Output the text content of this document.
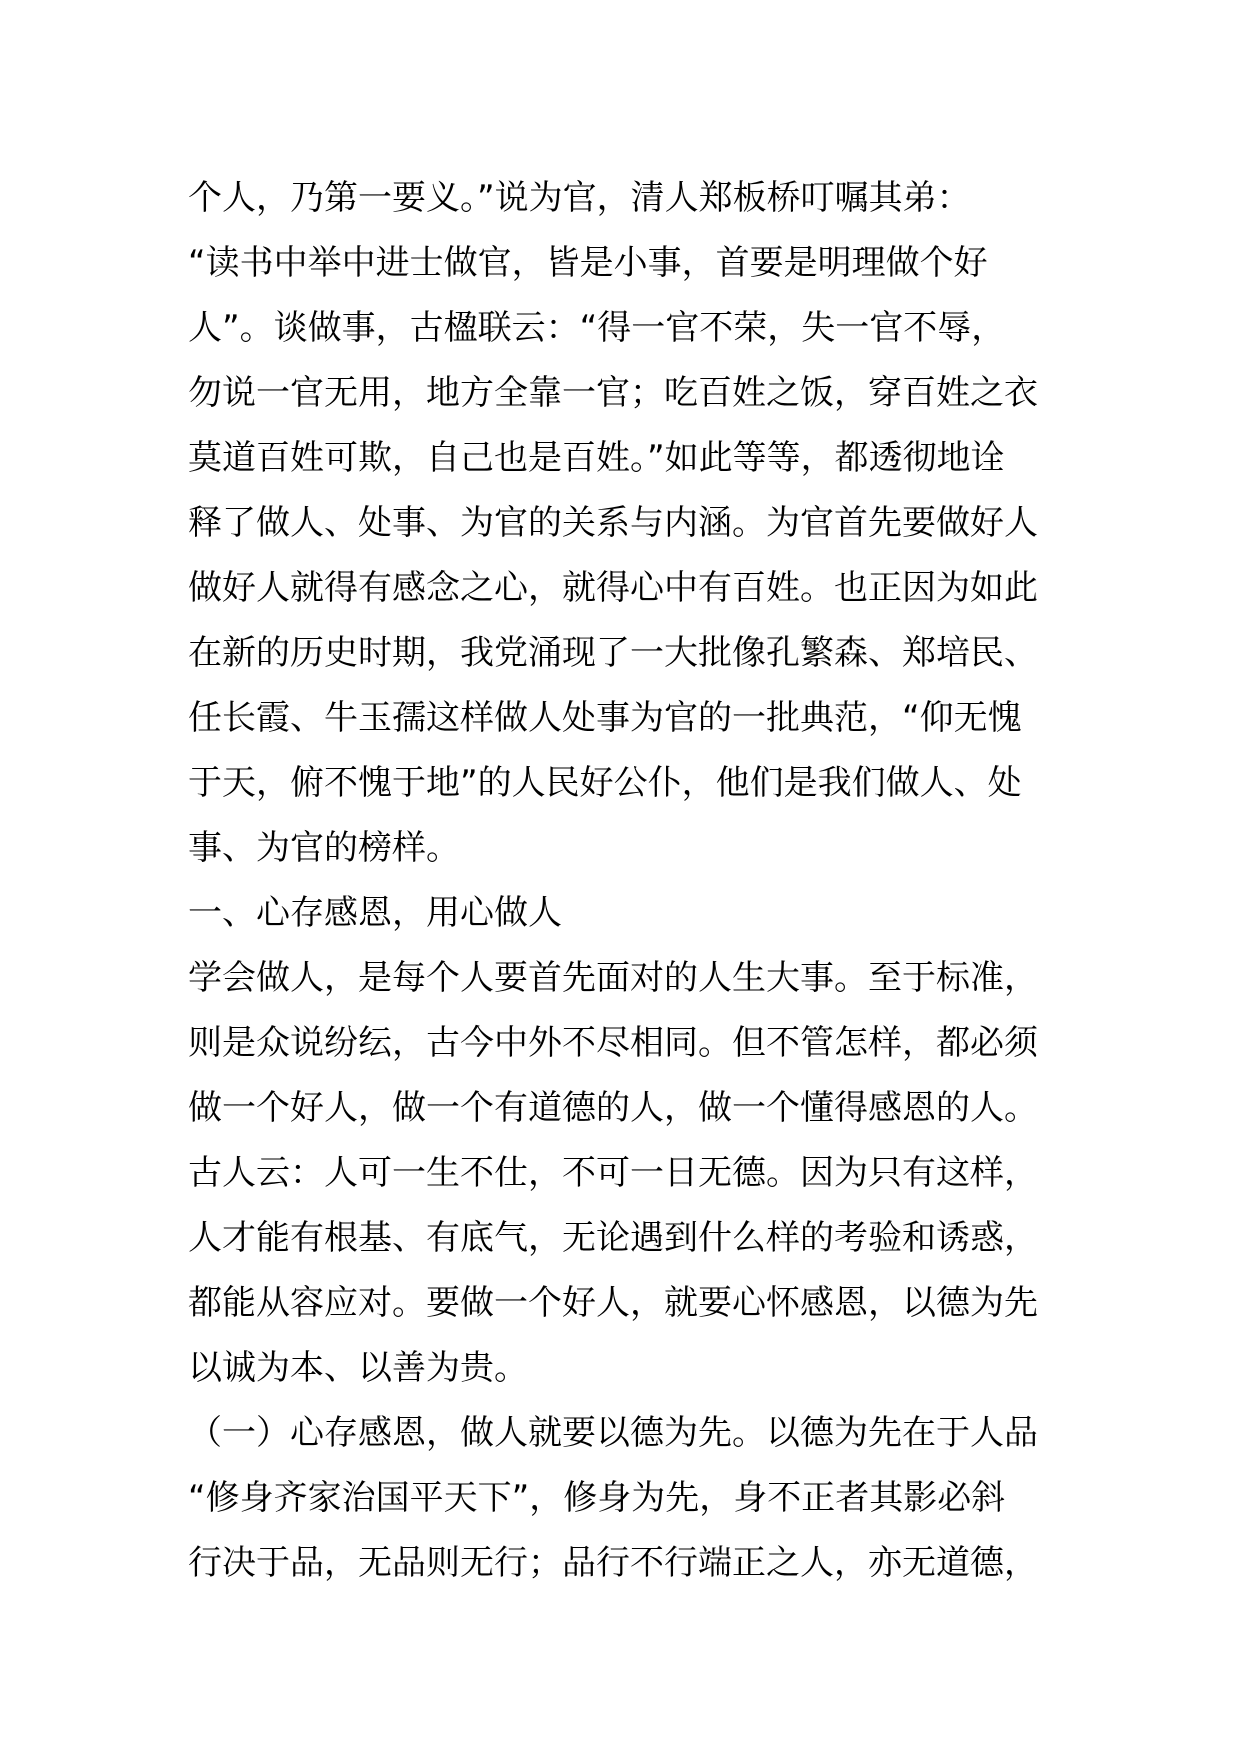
个人，乃第一要义。”说为官，清人郑板桥叮嘱其弟：
“读书中举中进士做官，皆是小事，首要是明理做个好
人”。谈做事，古楹联云：“得一官不荣，失一官不辱，
勿说一官无用，地方全靠一官；吃百姓之饭，穿百姓之衣
莫道百姓可欺，自己也是百姓。”如此等等，都透彻地诠
释了做人、处事、为官的关系与内涵。为官首先要做好人
做好人就得有感念之心，就得心中有百姓。也正因为如此
在新的历史时期，我党涌现了一大批像孔繁森、郑培民、
任长霞、牛玉孺这样做人处事为官的一批典范，“仰无愧
于天，俯不愧于地”的人民好公仆，他们是我们做人、处
事、为官的榜样。
一、心存感恩，用心做人
学会做人，是每个人要首先面对的人生大事。至于标准，
则是众说纷纭，古今中外不尽相同。但不管怎样，都必须
做一个好人，做一个有道德的人，做一个懂得感恩的人。
古人云：人可一生不仕，不可一日无德。因为只有这样，
人才能有根基、有底气，无论遇到什么样的考验和诱惑，
都能从容应对。要做一个好人，就要心怀感恩，以德为先
以诚为本、以善为贵。
（一）心存感恩，做人就要以德为先。以德为先在于人品
“修身齐家治国平天下”，修身为先，身不正者其影必斜
行决于品，无品则无行；品行不行端正之人，亦无道德，
